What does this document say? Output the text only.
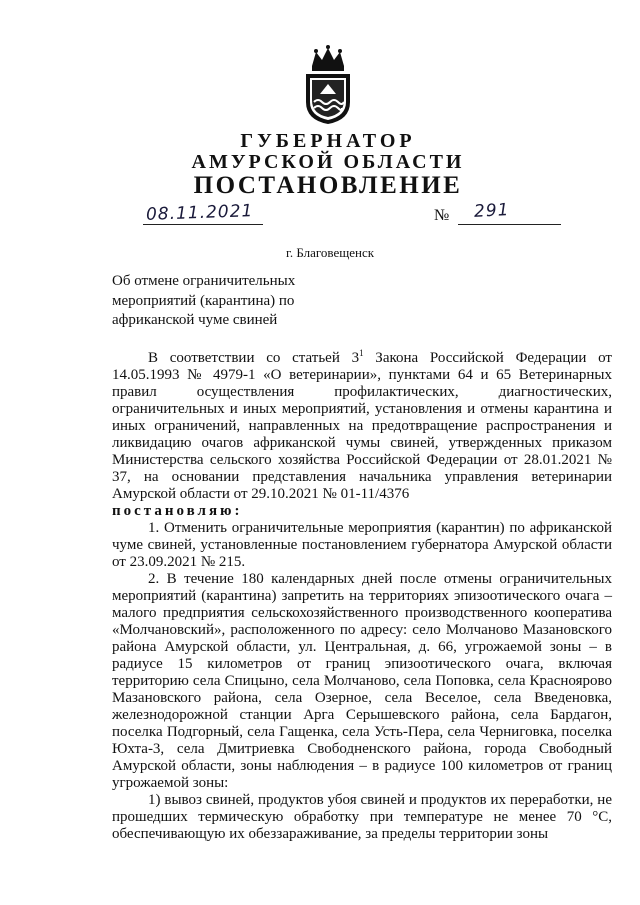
ГУБЕРНАТОР
АМУРСКОЙ ОБЛАСТИ
ПОСТАНОВЛЕНИЕ
08.11.2021	№ 291
г. Благовещенск
Об отмене ограничительных мероприятий (карантина) по африканской чуме свиней

В соответствии со статьей $3^1$ Закона Российской Федерации от 14.05.1993 № 4979-1 «О ветеринарии», пунктами 64 и 65 Ветеринарных правил осуществления профилактических, диагностических, ограничительных и иных мероприятий, установления и отмены карантина и иных ограничений, направленных на предотвращение распространения и ликвидацию очагов африканской чумы свиней, утвержденных приказом Министерства сельского хозяйства Российской Федерации от 28.01.2021 № 37, на основании представления начальника управления ветеринарии Амурской области от 29.10.2021 № 01-11/4376

постановляю:

1. Отменить ограничительные мероприятия (карантин) по африканской чуме свиней, установленные постановлением губернатора Амурской области от 23.09.2021 № 215.

2. В течение 180 календарных дней после отмены ограничительных мероприятий (карантина) запретить на территориях эпизоотического очага – малого предприятия сельскохозяйственного производственного кооператива «Молчановский», расположенного по адресу: село Молчаново Мазановского района Амурской области, ул. Центральная, д. 66, угрожаемой зоны – в радиусе 15 километров от границ эпизоотического очага, включая территорию села Спицыно, села Молчаново, села Поповка, села Красноярово Мазановского района, села Озерное, села Веселое, села Введеновка, железнодорожной станции Арга Серышевского района, села Бардагон, поселка Подгорный, села Гащенка, села Усть-Пера, села Черниговка, поселка Юхта-3, села Дмитриевка Свободненского района, города Свободный Амурской области, зоны наблюдения – в радиусе 100 километров от границ угрожаемой зоны:

1) вывоз свиней, продуктов убоя свиней и продуктов их переработки, не прошедших термическую обработку при температуре не менее 70 °С, обеспечивающую их обеззараживание, за пределы территории зоны
